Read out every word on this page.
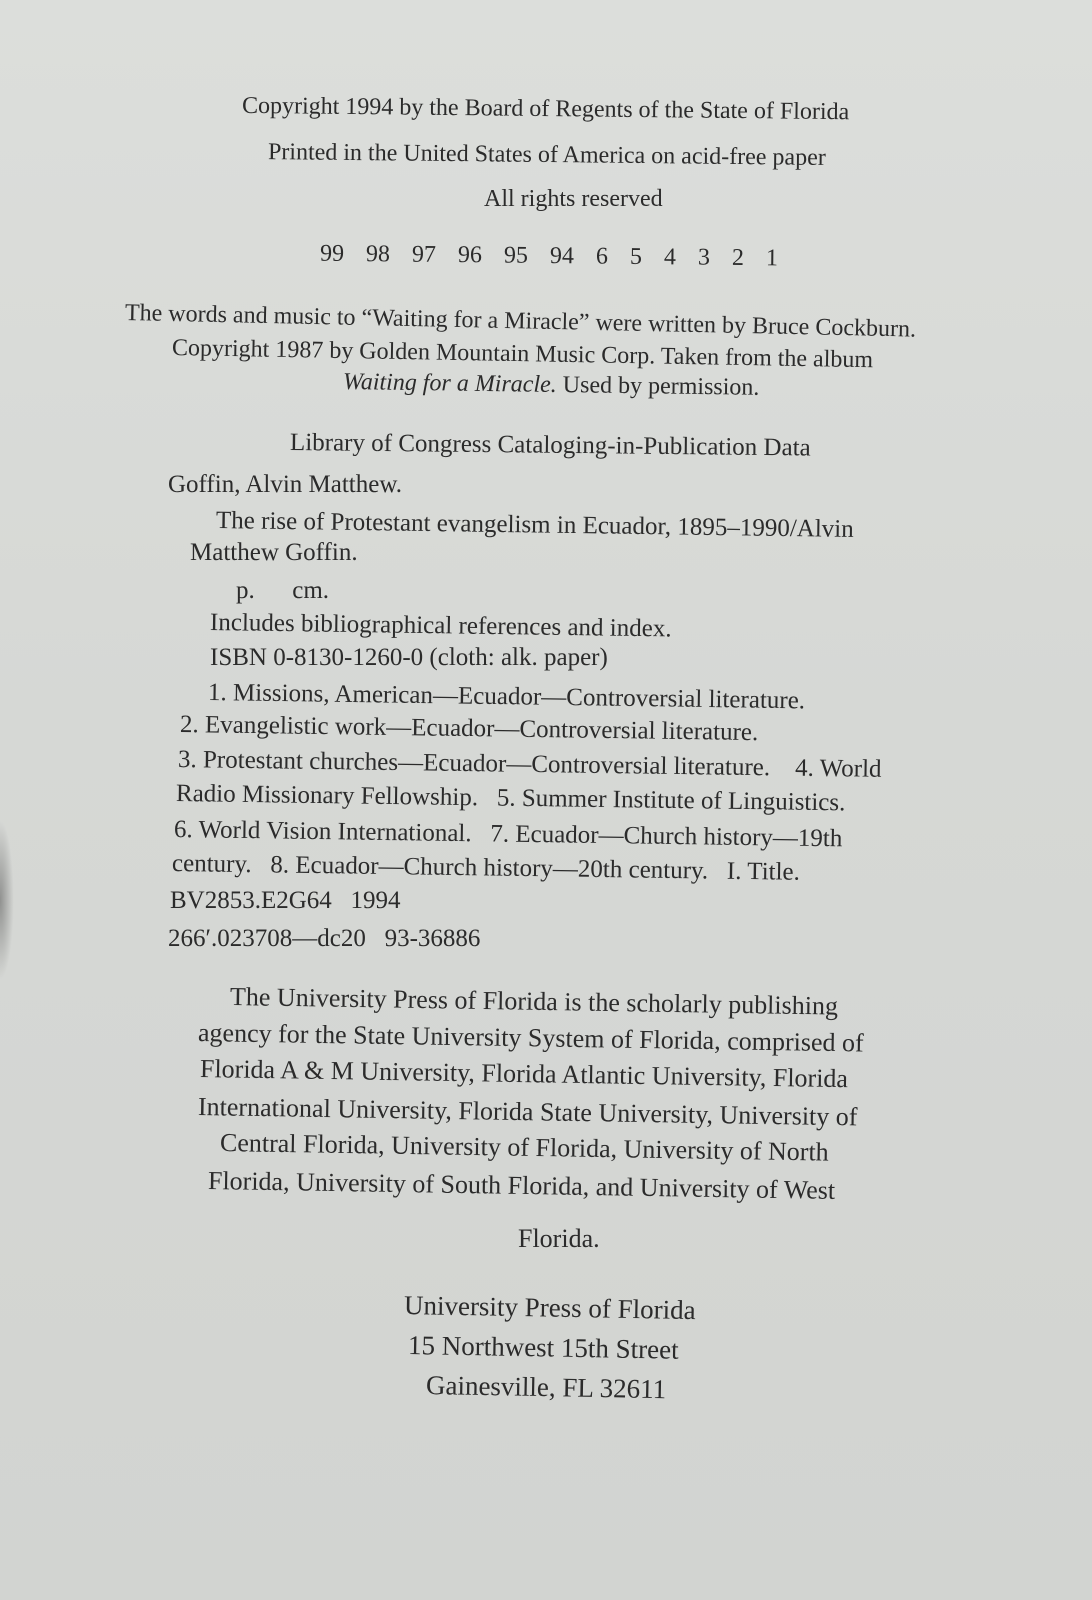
Copyright 1994 by the Board of Regents of the State of Florida
Printed in the United States of America on acid-free paper
All rights reserved
99 98 97 96 95 94 6 5 4 3 2 1
The words and music to “Waiting for a Miracle” were written by Bruce Cockburn.
Copyright 1987 by Golden Mountain Music Corp. Taken from the album
Waiting for a Miracle. Used by permission.
Library of Congress Cataloging-in-Publication Data
Goffin, Alvin Matthew.
The rise of Protestant evangelism in Ecuador, 1895–1990/Alvin
Matthew Goffin.
p.      cm.
Includes bibliographical references and index.
ISBN 0-8130-1260-0 (cloth: alk. paper)
1. Missions, American—Ecuador—Controversial literature.
2. Evangelistic work—Ecuador—Controversial literature.
3. Protestant churches—Ecuador—Controversial literature.    4. World
Radio Missionary Fellowship.   5. Summer Institute of Linguistics.
6. World Vision International.   7. Ecuador—Church history—19th
century.   8. Ecuador—Church history—20th century.   I. Title.
BV2853.E2G64   1994
266′.023708—dc20   93-36886
The University Press of Florida is the scholarly publishing
agency for the State University System of Florida, comprised of
Florida A & M University, Florida Atlantic University, Florida
International University, Florida State University, University of
Central Florida, University of Florida, University of North
Florida, University of South Florida, and University of West
Florida.
University Press of Florida
15 Northwest 15th Street
Gainesville, FL 32611
